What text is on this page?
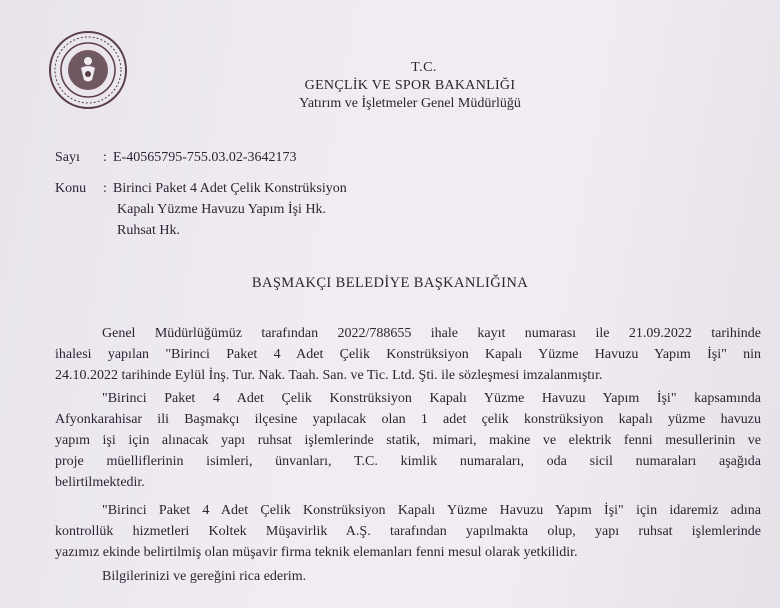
T.C.
GENÇLİK VE SPOR BAKANLIĞI
Yatırım ve İşletmeler Genel Müdürlüğü
Sayı : E-40565795-755.03.02-3642173
Konu : Birinci Paket 4 Adet Çelik Konstrüksiyon
Kapalı Yüzme Havuzu Yapım İşi Hk.
Ruhsat Hk.
BAŞMAKÇI BELEDİYE BAŞKANLIĞINA
Genel Müdürlüğümüz tarafından 2022/788655 ihale kayıt numarası ile 21.09.2022 tarihinde
ihalesi yapılan "Birinci Paket 4 Adet Çelik Konstrüksiyon Kapalı Yüzme Havuzu Yapım İşi" nin
24.10.2022 tarihinde Eylül İnş. Tur. Nak. Taah. San. ve Tic. Ltd. Şti. ile sözleşmesi imzalanmıştır.
"Birinci Paket 4 Adet Çelik Konstrüksiyon Kapalı Yüzme Havuzu Yapım İşi" kapsamında
Afyonkarahisar ili Başmakçı ilçesine yapılacak olan 1 adet çelik konstrüksiyon kapalı yüzme havuzu
yapım işi için alınacak yapı ruhsat işlemlerinde statik, mimari, makine ve elektrik fenni mesullerinin ve
proje müelliflerinin isimleri, ünvanları, T.C. kimlik numaraları, oda sicil numaraları aşağıda
belirtilmektedir.
"Birinci Paket 4 Adet Çelik Konstrüksiyon Kapalı Yüzme Havuzu Yapım İşi" için idaremiz adına
kontrollük hizmetleri Koltek Müşavirlik A.Ş. tarafından yapılmakta olup, yapı ruhsat işlemlerinde
yazımız ekinde belirtilmiş olan müşavir firma teknik elemanları fenni mesul olarak yetkilidir.
Bilgilerinizi ve gereğini rica ederim.
